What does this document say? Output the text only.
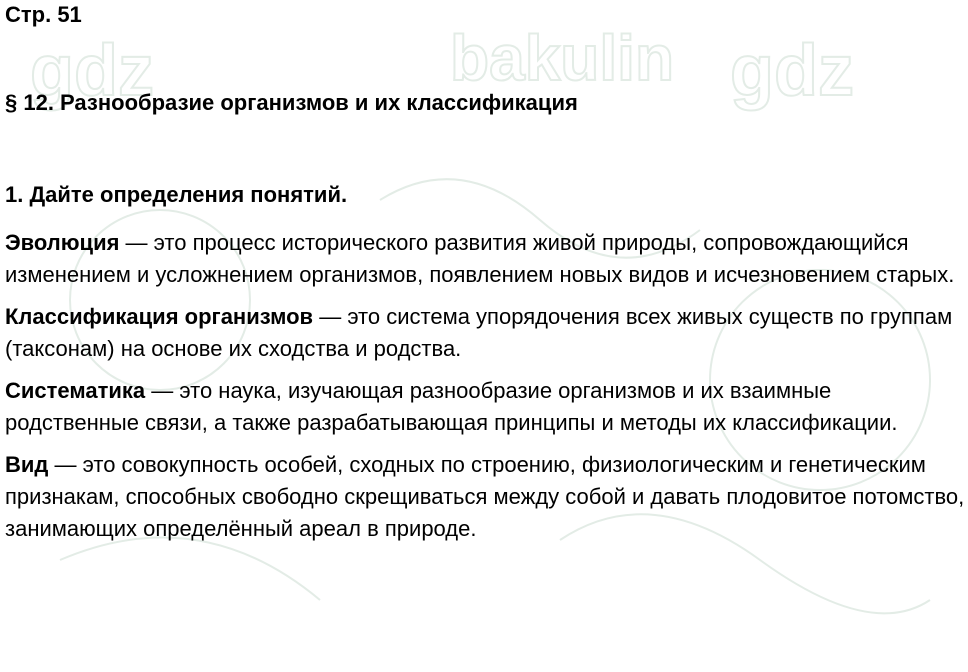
gdz	bakulin gdz

Стр. 51

§ 12. Разнообразие организмов и их классификация
1. Дайте определения понятий.

Эволюция — это процесс исторического развития живой природы, сопровождающийся изменением и усложнением организмов, появлением новых видов и исчезновением старых.

Классификация организмов — это система упорядочения всех живых существ по группам (таксонам) на основе их сходства и родства.

Систематика — это наука, изучающая разнообразие организмов и их взаимные родственные связи, а также разрабатывающая принципы и методы их классификации.

Вид — это совокупность особей, сходных по строению, физиологическим и генетическим признакам, способных свободно скрещиваться между собой и давать плодовитое потомство, занимающих определённый ареал в природе.
